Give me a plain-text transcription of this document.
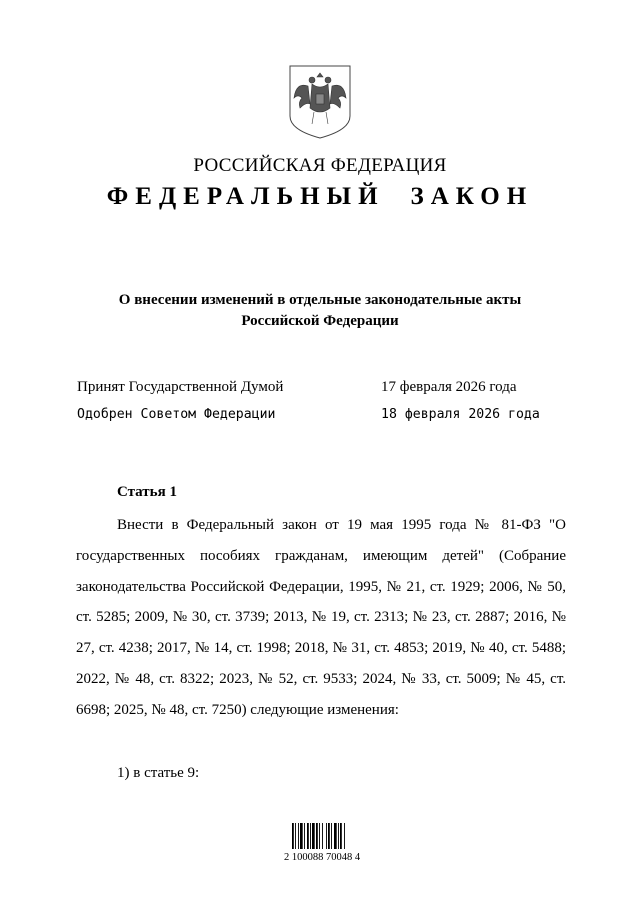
РОССИЙСКАЯ ФЕДЕРАЦИЯ
ФЕДЕРАЛЬНЫЙ ЗАКОН
О внесении изменений в отдельные законодательные акты
Российской Федерации
Принят Государственной Думой	17 февраля 2026 года
Одобрен Советом Федерации	18 февраля 2026 года
Статья 1
Внести в Федеральный закон от 19 мая 1995 года № 81-ФЗ "О государственных пособиях гражданам, имеющим детей" (Собрание законодательства Российской Федерации, 1995, № 21, ст. 1929; 2006, № 50, ст. 5285; 2009, № 30, ст. 3739; 2013, № 19, ст. 2313; № 23, ст. 2887; 2016, № 27, ст. 4238; 2017, № 14, ст. 1998; 2018, № 31, ст. 4853; 2019, № 40, ст. 5488; 2022, № 48, ст. 8322; 2023, № 52, ст. 9533; 2024, № 33, ст. 5009; № 45, ст. 6698; 2025, № 48, ст. 7250) следующие изменения:
1) в статье 9:
2 100088 70048 4
